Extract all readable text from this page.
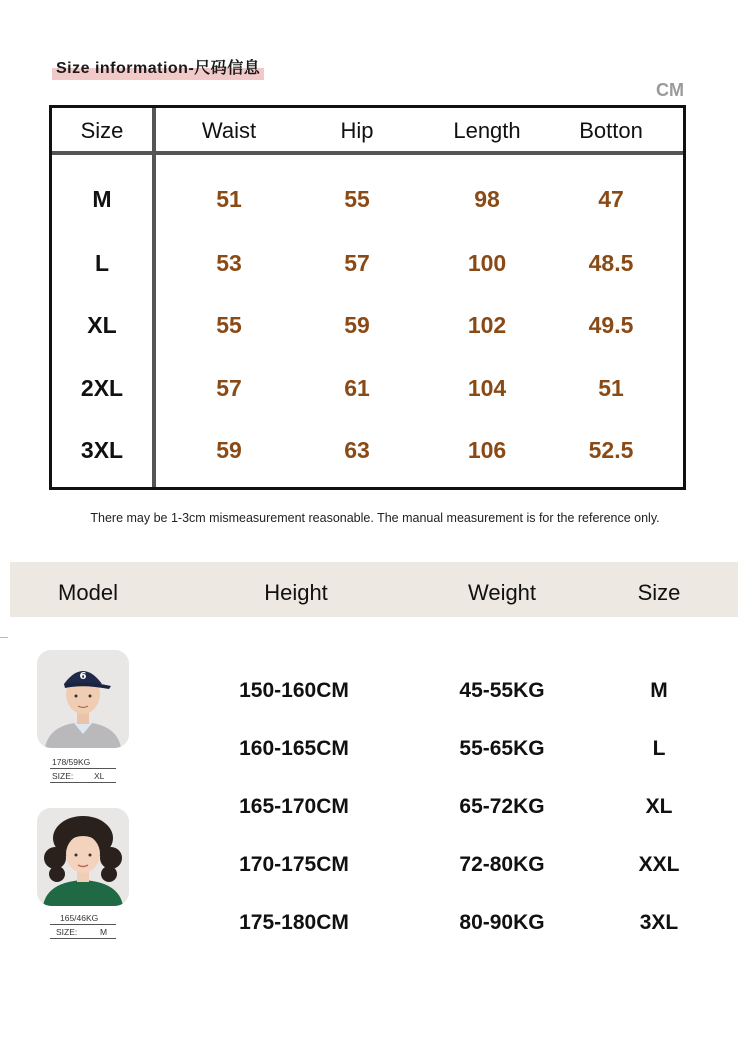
Size information-尺码信息
CM
Size	Waist	Hip	Length	Botton
M	51	55	98	47
L	53	57	100	48.5
XL	55	59	102	49.5
2XL	57	61	104	51
3XL	59	63	106	52.5
There may be 1-3cm mismeasurement reasonable. The manual measurement is for the reference only.
Model	Height	Weight	Size
6
178/59KG
SIZE: XL
165/46KG
SIZE:	M
150-160CM	45-55KG	M
160-165CM	55-65KG	L
165-170CM	65-72KG	XL
170-175CM	72-80KG	XXL
175-180CM	80-90KG	3XL
